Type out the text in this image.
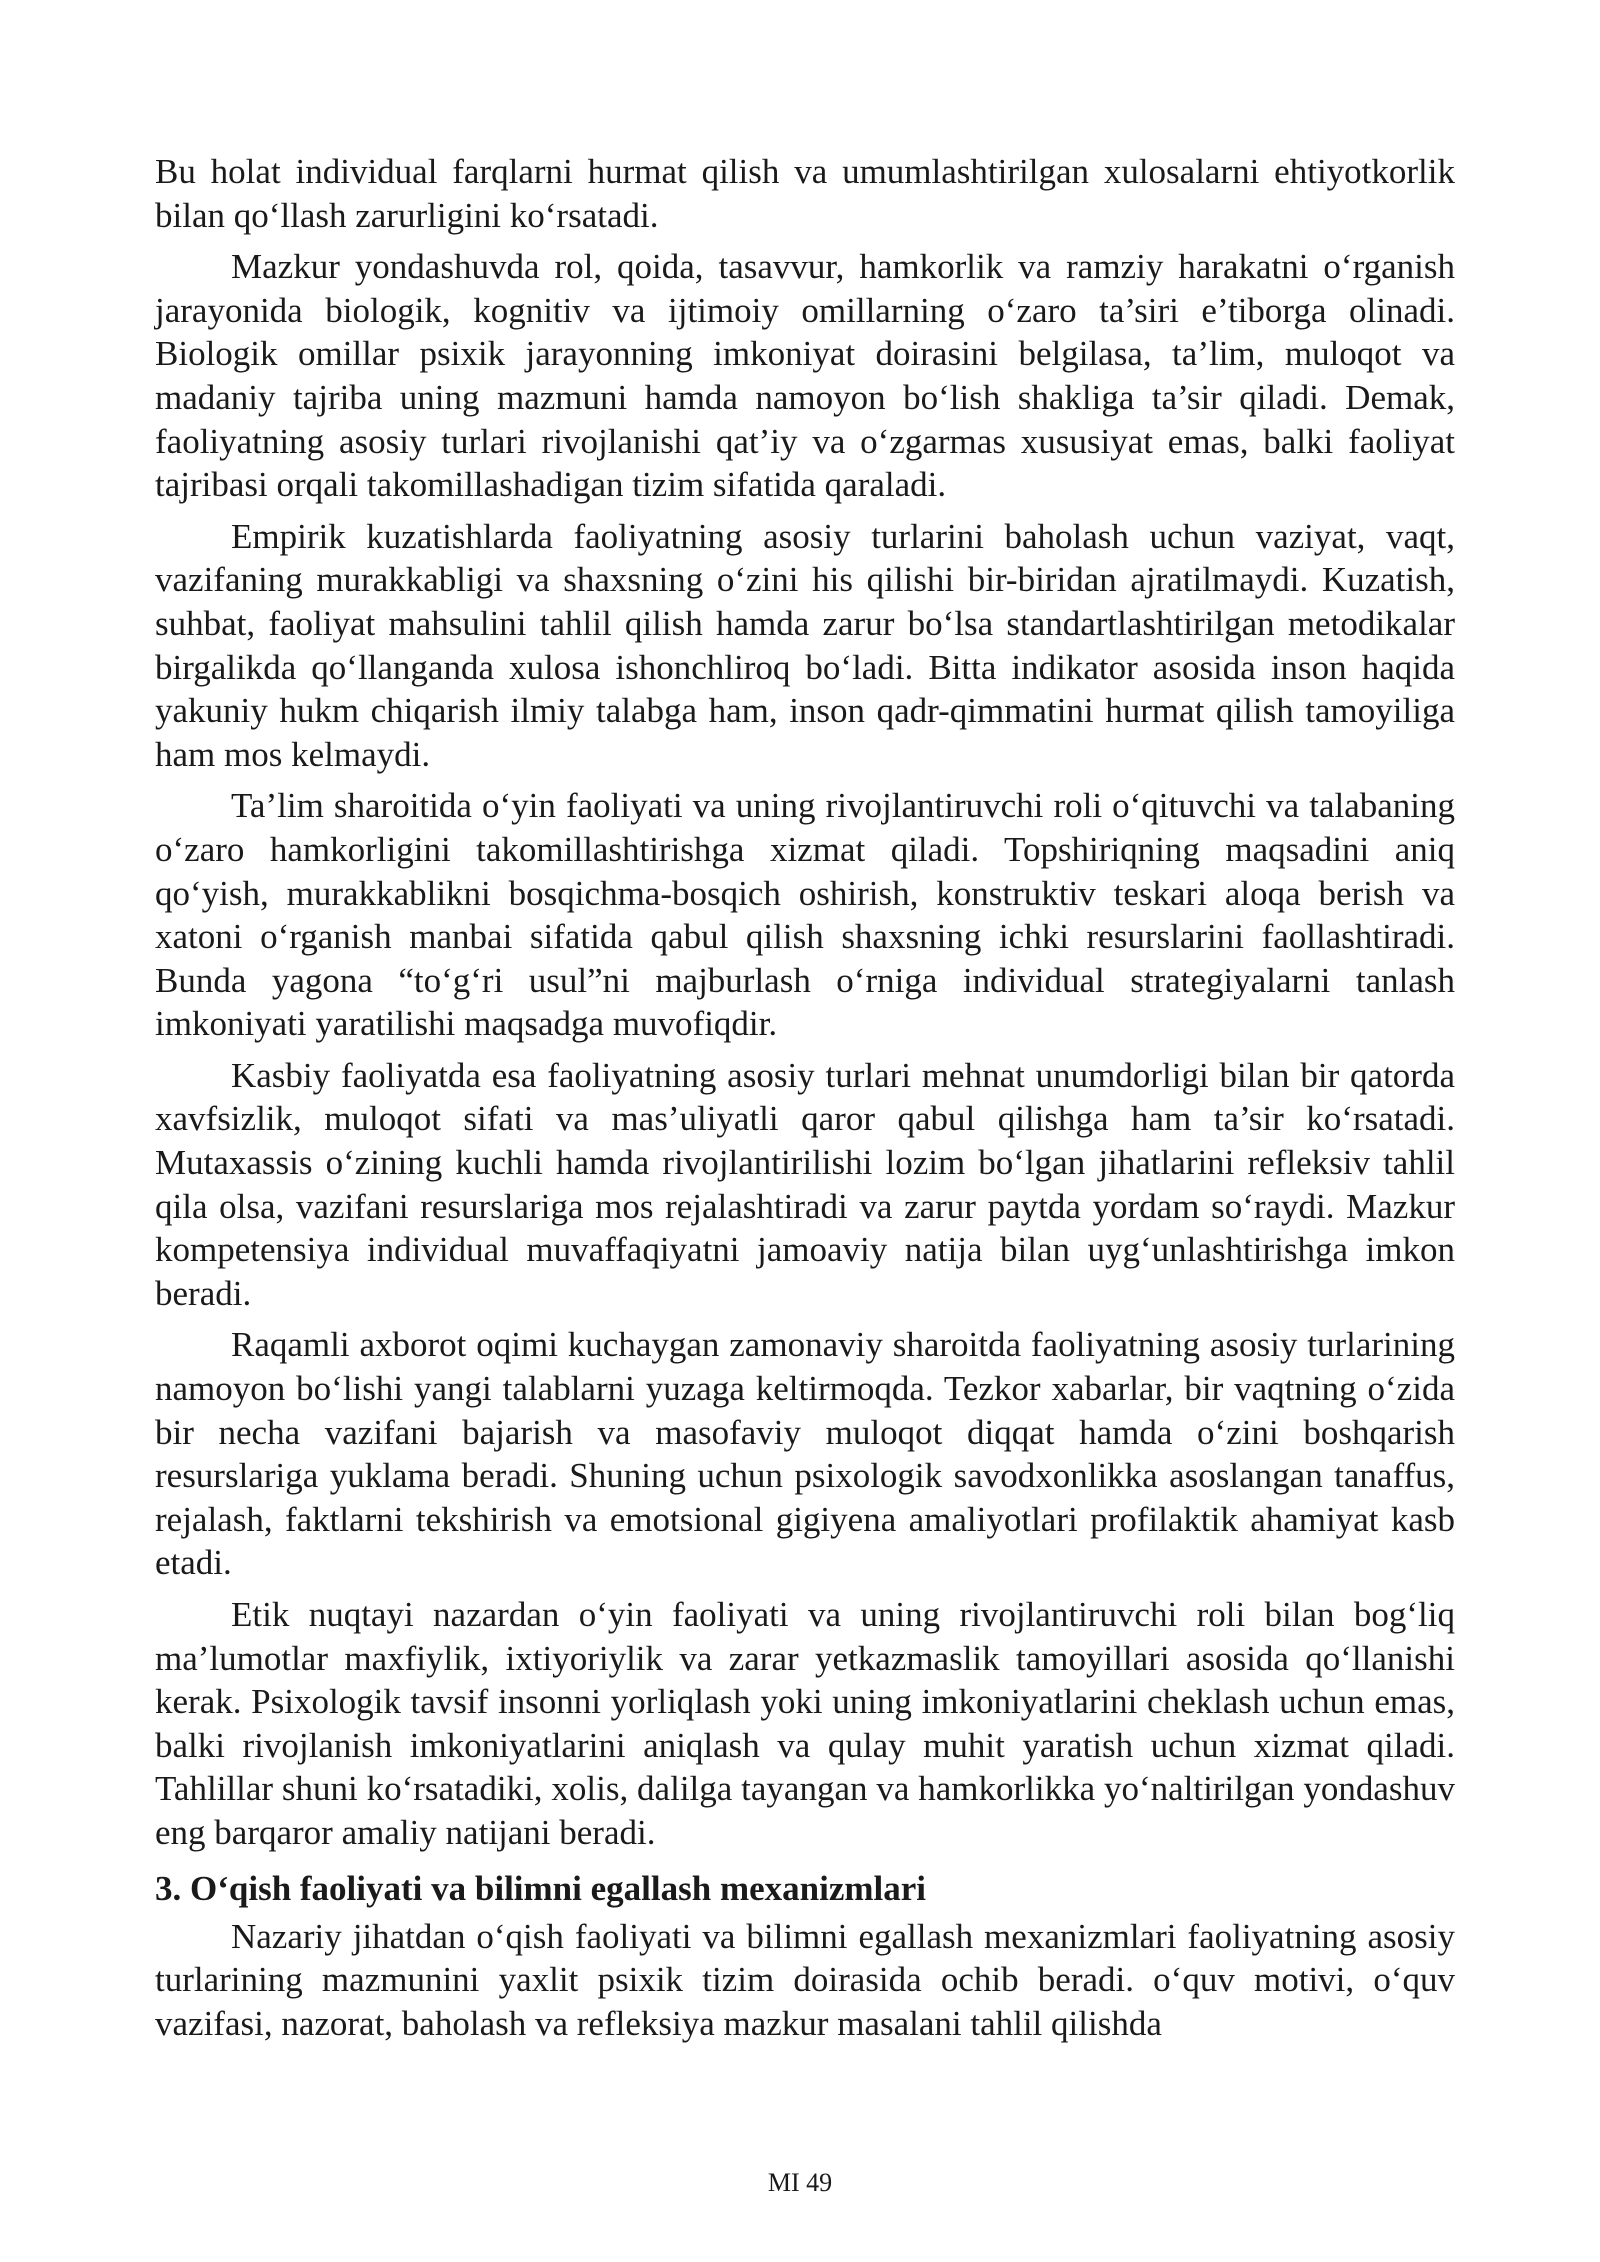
Bu holat individual farqlarni hurmat qilish va umumlashtirilgan xulosalarni ehtiyotkorlik bilan qo‘llash zarurligini ko‘rsatadi.

Mazkur yondashuvda rol, qoida, tasavvur, hamkorlik va ramziy harakatni o‘rganish jarayonida biologik, kognitiv va ijtimoiy omillarning o‘zaro ta’siri e’tiborga olinadi. Biologik omillar psixik jarayonning imkoniyat doirasini belgilasa, ta’lim, muloqot va madaniy tajriba uning mazmuni hamda namoyon bo‘lish shakliga ta’sir qiladi. Demak, faoliyatning asosiy turlari rivojlanishi qat’iy va o‘zgarmas xususiyat emas, balki faoliyat tajribasi orqali takomillashadigan tizim sifatida qaraladi.

Empirik kuzatishlarda faoliyatning asosiy turlarini baholash uchun vaziyat, vaqt, vazifaning murakkabligi va shaxsning o‘zini his qilishi bir-biridan ajratilmaydi. Kuzatish, suhbat, faoliyat mahsulini tahlil qilish hamda zarur bo‘lsa standartlashtirilgan metodikalar birgalikda qo‘llanganda xulosa ishonchliroq bo‘ladi. Bitta indikator asosida inson haqida yakuniy hukm chiqarish ilmiy talabga ham, inson qadr-qimmatini hurmat qilish tamoyiliga ham mos kelmaydi.

Ta’lim sharoitida o‘yin faoliyati va uning rivojlantiruvchi roli o‘qituvchi va talabaning o‘zaro hamkorligini takomillashtirishga xizmat qiladi. Topshiriqning maqsadini aniq qo‘yish, murakkablikni bosqichma-bosqich oshirish, konstruktiv teskari aloqa berish va xatoni o‘rganish manbai sifatida qabul qilish shaxsning ichki resurslarini faollashtiradi. Bunda yagona “to‘g‘ri usul”ni majburlash o‘rniga individual strategiyalarni tanlash imkoniyati yaratilishi maqsadga muvofiqdir.

Kasbiy faoliyatda esa faoliyatning asosiy turlari mehnat unumdorligi bilan bir qatorda xavfsizlik, muloqot sifati va mas’uliyatli qaror qabul qilishga ham ta’sir ko‘rsatadi. Mutaxassis o‘zining kuchli hamda rivojlantirilishi lozim bo‘lgan jihatlarini refleksiv tahlil qila olsa, vazifani resurslariga mos rejalashtiradi va zarur paytda yordam so‘raydi. Mazkur kompetensiya individual muvaffaqiyatni jamoaviy natija bilan uyg‘unlashtirishga imkon beradi.

Raqamli axborot oqimi kuchaygan zamonaviy sharoitda faoliyatning asosiy turlarining namoyon bo‘lishi yangi talablarni yuzaga keltirmoqda. Tezkor xabarlar, bir vaqtning o‘zida bir necha vazifani bajarish va masofaviy muloqot diqqat hamda o‘zini boshqarish resurslariga yuklama beradi. Shuning uchun psixologik savodxonlikka asoslangan tanaffus, rejalash, faktlarni tekshirish va emotsional gigiyena amaliyotlari profilaktik ahamiyat kasb etadi.

Etik nuqtayi nazardan o‘yin faoliyati va uning rivojlantiruvchi roli bilan bog‘liq ma’lumotlar maxfiylik, ixtiyoriylik va zarar yetkazmaslik tamoyillari asosida qo‘llanishi kerak. Psixologik tavsif insonni yorliqlash yoki uning imkoniyatlarini cheklash uchun emas, balki rivojlanish imkoniyatlarini aniqlash va qulay muhit yaratish uchun xizmat qiladi. Tahlillar shuni ko‘rsatadiki, xolis, dalilga tayangan va hamkorlikka yo‘naltirilgan yondashuv eng barqaror amaliy natijani beradi.

3. O‘qish faoliyati va bilimni egallash mexanizmlari

Nazariy jihatdan o‘qish faoliyati va bilimni egallash mexanizmlari faoliyatning asosiy turlarining mazmunini yaxlit psixik tizim doirasida ochib beradi. o‘quv motivi, o‘quv vazifasi, nazorat, baholash va refleksiya mazkur masalani tahlil qilishda

MI 49
